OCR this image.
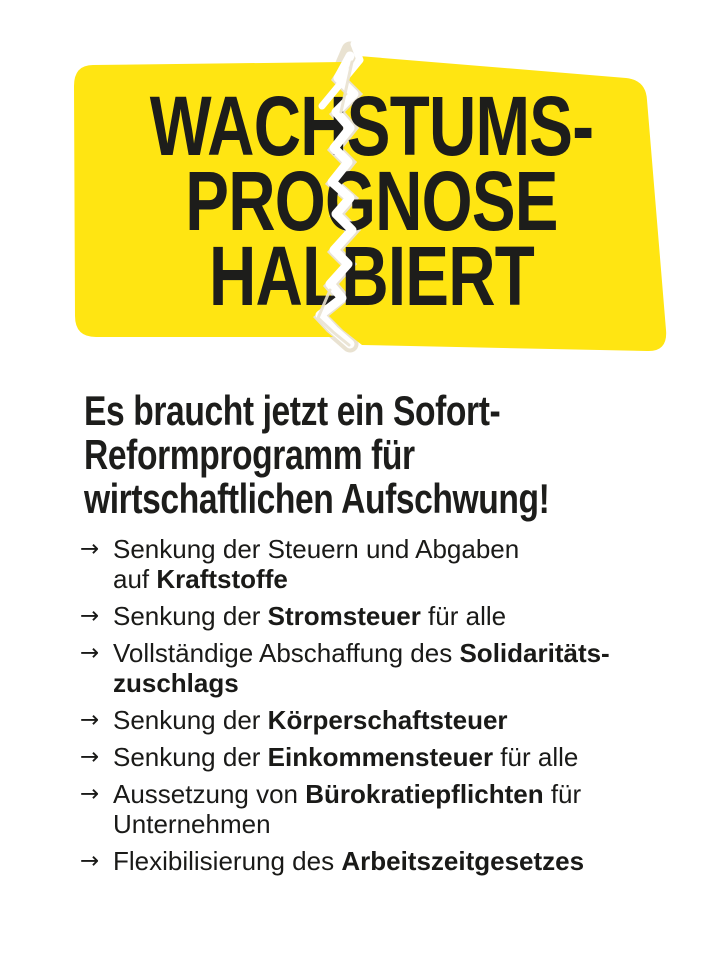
WACHSTUMS-
PROGNOSE
HALBIERT
Es braucht jetzt ein Sofort-
Reformprogramm für
wirtschaftlichen Aufschwung!
→ Senkung der Steuern und Abgaben
auf Kraftstoffe
→ Senkung der Stromsteuer für alle
→ Vollständige Abschaffung des Solidaritäts-
zuschlags
→ Senkung der Körperschaftsteuer
→ Senkung der Einkommensteuer für alle
→ Aussetzung von Bürokratiepflichten für
Unternehmen
→ Flexibilisierung des Arbeitszeitgesetzes
